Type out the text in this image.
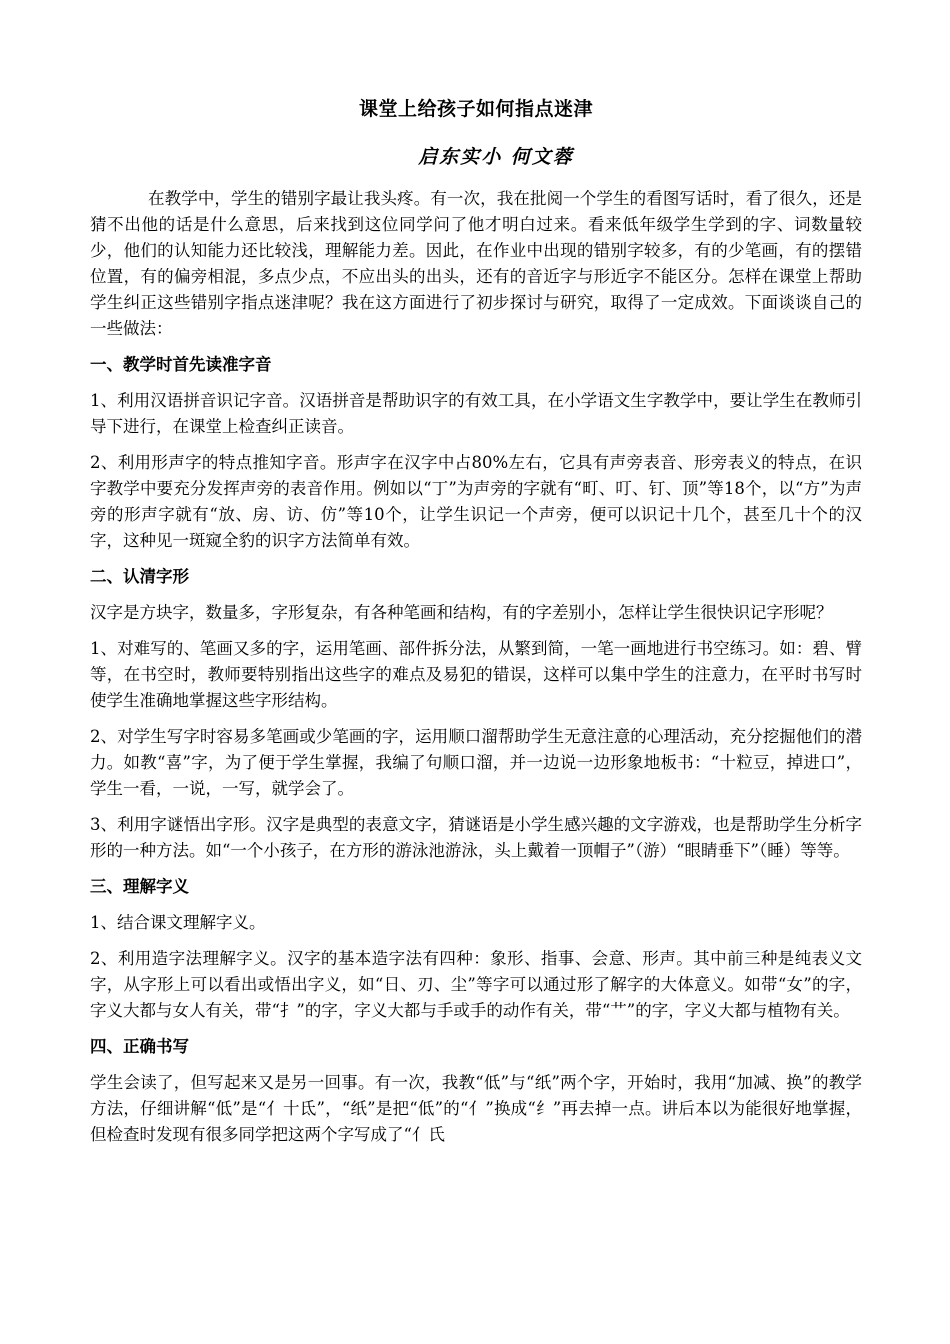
课堂上给孩子如何指点迷津
启东实小 何文蓉

在教学中，学生的错别字最让我头疼。有一次，我在批阅一个学生的看图写话时，看了很久，还是猜不出他的话是什么意思，后来找到这位同学问了他才明白过来。看来低年级学生学到的字、词数量较少，他们的认知能力还比较浅，理解能力差。因此，在作业中出现的错别字较多，有的少笔画，有的摆错位置，有的偏旁相混，多点少点，不应出头的出头，还有的音近字与形近字不能区分。怎样在课堂上帮助学生纠正这些错别字指点迷津呢？我在这方面进行了初步探讨与研究，取得了一定成效。下面谈谈自己的一些做法：

一、教学时首先读准字音

1、利用汉语拼音识记字音。汉语拼音是帮助识字的有效工具，在小学语文生字教学中，要让学生在教师引导下进行，在课堂上检查纠正读音。

2、利用形声字的特点推知字音。形声字在汉字中占80%左右，它具有声旁表音、形旁表义的特点，在识字教学中要充分发挥声旁的表音作用。例如以“丁”为声旁的字就有“町、叮、钉、顶”等18个，以“方”为声旁的形声字就有“放、房、访、仿”等10个，让学生识记一个声旁，便可以识记十几个，甚至几十个的汉字，这种见一斑窥全豹的识字方法简单有效。

二、认清字形

汉字是方块字，数量多，字形复杂，有各种笔画和结构，有的字差别小，怎样让学生很快识记字形呢？

1、对难写的、笔画又多的字，运用笔画、部件拆分法，从繁到简，一笔一画地进行书空练习。如：碧、臂等，在书空时，教师要特别指出这些字的难点及易犯的错误，这样可以集中学生的注意力，在平时书写时使学生准确地掌握这些字形结构。

2、对学生写字时容易多笔画或少笔画的字，运用顺口溜帮助学生无意注意的心理活动，充分挖掘他们的潜力。如教“喜”字，为了便于学生掌握，我编了句顺口溜，并一边说一边形象地板书：“十粒豆，掉进口”，学生一看，一说，一写，就学会了。

3、利用字谜悟出字形。汉字是典型的表意文字，猜谜语是小学生感兴趣的文字游戏，也是帮助学生分析字形的一种方法。如“一个小孩子，在方形的游泳池游泳，头上戴着一顶帽子”（游）“眼睛垂下”（睡）等等。

三、理解字义

1、结合课文理解字义。

2、利用造字法理解字义。汉字的基本造字法有四种：象形、指事、会意、形声。其中前三种是纯表义文字，从字形上可以看出或悟出字义，如“日、刃、尘”等字可以通过形了解字的大体意义。如带“女”的字，字义大都与女人有关，带“扌”的字，字义大都与手或手的动作有关，带“艹”的字，字义大都与植物有关。

四、正确书写

学生会读了，但写起来又是另一回事。有一次，我教“低”与“纸”两个字，开始时，我用“加减、换”的教学方法，仔细讲解“低”是“亻十氐”，“纸”是把“低”的“亻”换成“纟”再去掉一点。讲后本以为能很好地掌握，但检查时发现有很多同学把这两个字写成了“亻氏
